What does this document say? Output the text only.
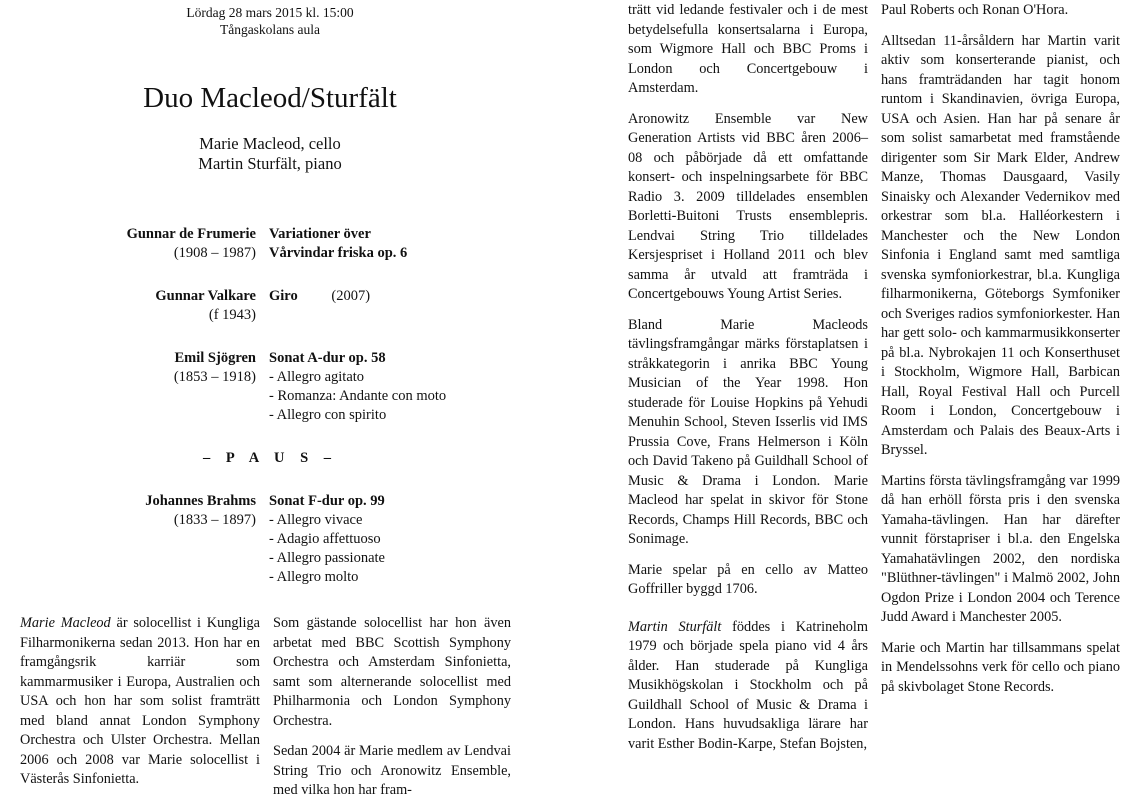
Lördag 28 mars 2015 kl. 15:00
Tångaskolans aula
Duo Macleod/Sturfält
Marie Macleod, cello
Martin Sturfält, piano
Gunnar de Frumerie
(1908 – 1987)
Variationer över
Vårvindar friska op. 6
Gunnar Valkare
(f 1943)
Giro (2007)
Emil Sjögren
(1853 – 1918)
Sonat A-dur op. 58
- Allegro agitato
- Romanza: Andante con moto
- Allegro con spirito
– P A U S –
Johannes Brahms
(1833 – 1897)
Sonat F-dur op. 99
- Allegro vivace
- Adagio affettuoso
- Allegro passionate
- Allegro molto

Marie Macleod är solocellist i Kungliga Filharmonikerna sedan 2013. Hon har en framgångsrik karriär som kammarmusiker i Europa, Australien och USA och hon har som solist framträtt med bland annat London Symphony Orchestra och Ulster Orchestra. Mellan 2006 och 2008 var Marie solocellist i Västerås Sinfonietta.

Som gästande solocellist har hon även arbetat med BBC Scottish Symphony Orchestra och Amsterdam Sinfonietta, samt som alternerande solocellist med Philharmonia och London Symphony Orchestra.

Sedan 2004 är Marie medlem av Lendvai String Trio och Aronowitz Ensemble, med vilka hon har fram-

trätt vid ledande festivaler och i de mest betydelsefulla konsertsalarna i Europa, som Wigmore Hall och BBC Proms i London och Concertgebouw i Amsterdam.

Aronowitz Ensemble var New Generation Artists vid BBC åren 2006–08 och påbörjade då ett omfattande konsert- och inspelningsarbete för BBC Radio 3. 2009 tilldelades ensemblen Borletti-Buitoni Trusts ensemblepris. Lendvai String Trio tilldelades Kersjespriset i Holland 2011 och blev samma år utvald att framträda i Concertgebouws Young Artist Series.

Bland Marie Macleods tävlingsframgångar märks förstaplatsen i stråkkategorin i anrika BBC Young Musician of the Year 1998. Hon studerade för Louise Hopkins på Yehudi Menuhin School, Steven Isserlis vid IMS Prussia Cove, Frans Helmerson i Köln och David Takeno på Guildhall School of Music & Drama i London. Marie Macleod har spelat in skivor för Stone Records, Champs Hill Records, BBC och Sonimage.

Marie spelar på en cello av Matteo Goffriller byggd 1706.

Martin Sturfält föddes i Katrineholm 1979 och började spela piano vid 4 års ålder. Han studerade på Kungliga Musikhögskolan i Stockholm och på Guildhall School of Music & Drama i London. Hans huvudsakliga lärare har varit Esther Bodin-Karpe, Stefan Bojsten,

Paul Roberts och Ronan O'Hora.

Alltsedan 11-årsåldern har Martin varit aktiv som konserterande pianist, och hans framträdanden har tagit honom runtom i Skandinavien, övriga Europa, USA och Asien. Han har på senare år som solist samarbetat med framstående dirigenter som Sir Mark Elder, Andrew Manze, Thomas Dausgaard, Vasily Sinaisky och Alexander Vedernikov med orkestrar som bl.a. Halléorkestern i Manchester och the New London Sinfonia i England samt med samtliga svenska symfoniorkestrar, bl.a. Kungliga filharmonikerna, Göteborgs Symfoniker och Sveriges radios symfoniorkester. Han har gett solo- och kammarmusikkonserter på bl.a. Nybrokajen 11 och Konserthuset i Stockholm, Wigmore Hall, Barbican Hall, Royal Festival Hall och Purcell Room i London, Concertgebouw i Amsterdam och Palais des Beaux-Arts i Bryssel.

Martins första tävlingsframgång var 1999 då han erhöll första pris i den svenska Yamaha-tävlingen. Han har därefter vunnit förstapriser i bl.a. den Engelska Yamahatävlingen 2002, den nordiska "Blüthner-tävlingen" i Malmö 2002, John Ogdon Prize i London 2004 och Terence Judd Award i Manchester 2005.

Marie och Martin har tillsammans spelat in Mendelssohns verk för cello och piano på skivbolaget Stone Records.
